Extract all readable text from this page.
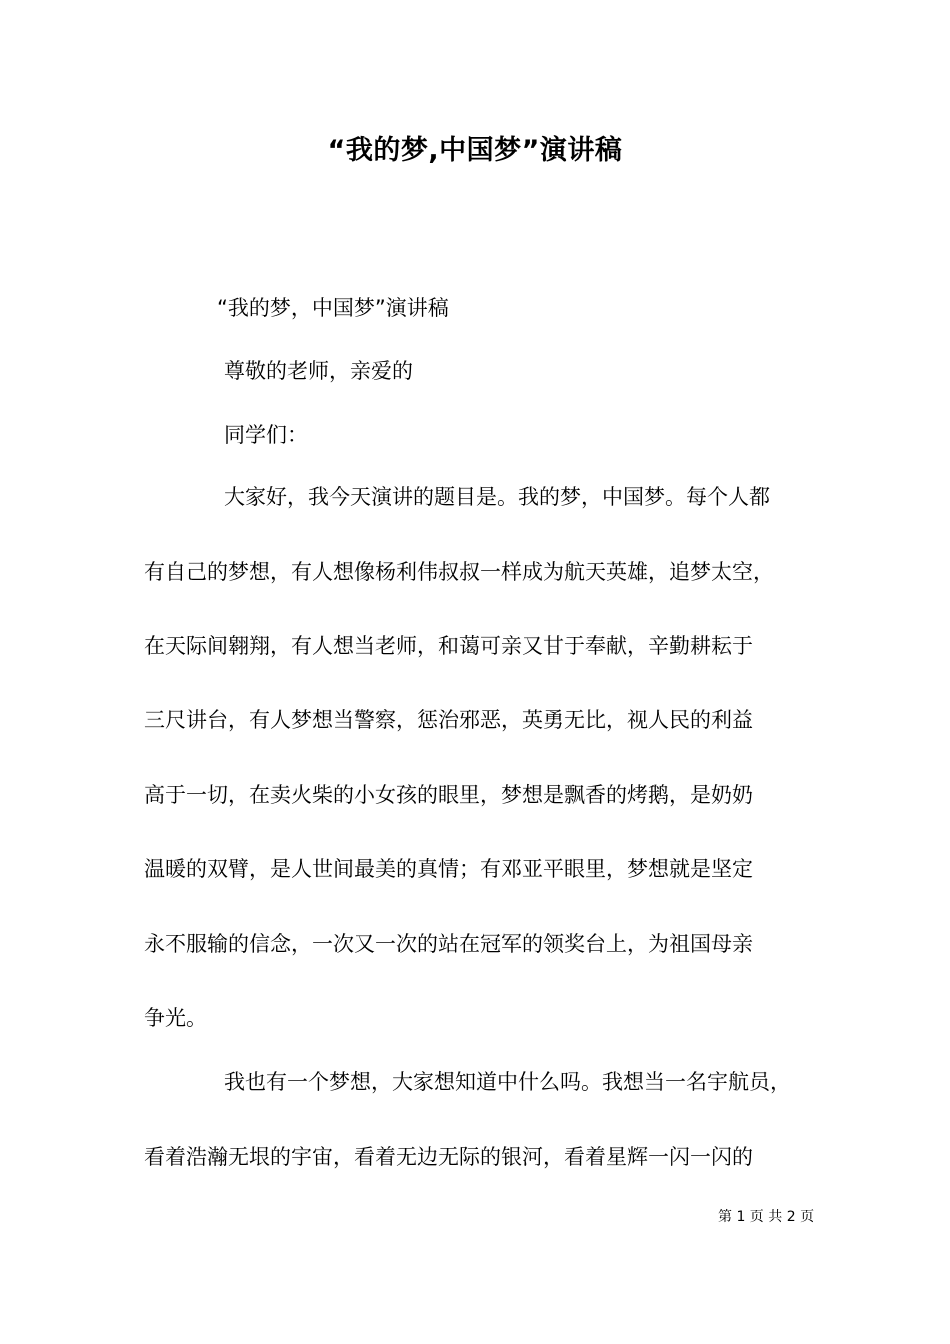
“我的梦,中国梦”演讲稿
“我的梦，中国梦”演讲稿
尊敬的老师，亲爱的
同学们：
大家好，我今天演讲的题目是。我的梦，中国梦。每个人都
有自己的梦想，有人想像杨利伟叔叔一样成为航天英雄，追梦太空，
在天际间翱翔，有人想当老师，和蔼可亲又甘于奉献，辛勤耕耘于
三尺讲台，有人梦想当警察，惩治邪恶，英勇无比，视人民的利益
高于一切，在卖火柴的小女孩的眼里，梦想是飘香的烤鹅，是奶奶
温暖的双臂，是人世间最美的真情；有邓亚平眼里，梦想就是坚定
永不服输的信念，一次又一次的站在冠军的领奖台上，为祖国母亲
争光。
我也有一个梦想，大家想知道中什么吗。我想当一名宇航员，
看着浩瀚无垠的宇宙，看着无边无际的银河，看着星辉一闪一闪的
第 1 页 共 2 页
